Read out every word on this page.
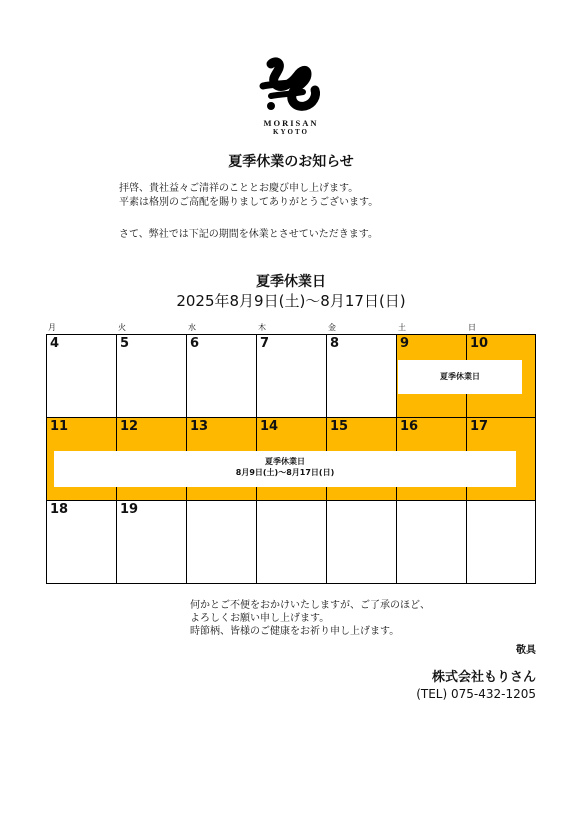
MORISAN
KYOTO
夏季休業のお知らせ
拝啓、貴社益々ご清祥のこととお慶び申し上げます。
平素は格別のご高配を賜りましてありがとうございます。
さて、弊社では下記の期間を休業とさせていただきます。
夏季休業日
2025年8月9日(土)～8月17日(日)
月	火	水	木	金	土	日
4	5	6	7	8	9	10
夏季休業日
11	12	13	14	15	16	17
夏季休業日
8月9日(土)～8月17日(日)
18	19
何かとご不便をおかけいたしますが、ご了承のほど、
よろしくお願い申し上げます。
時節柄、皆様のご健康をお祈り申し上げます。
敬具
株式会社もりさん
(TEL) 075-432-1205
